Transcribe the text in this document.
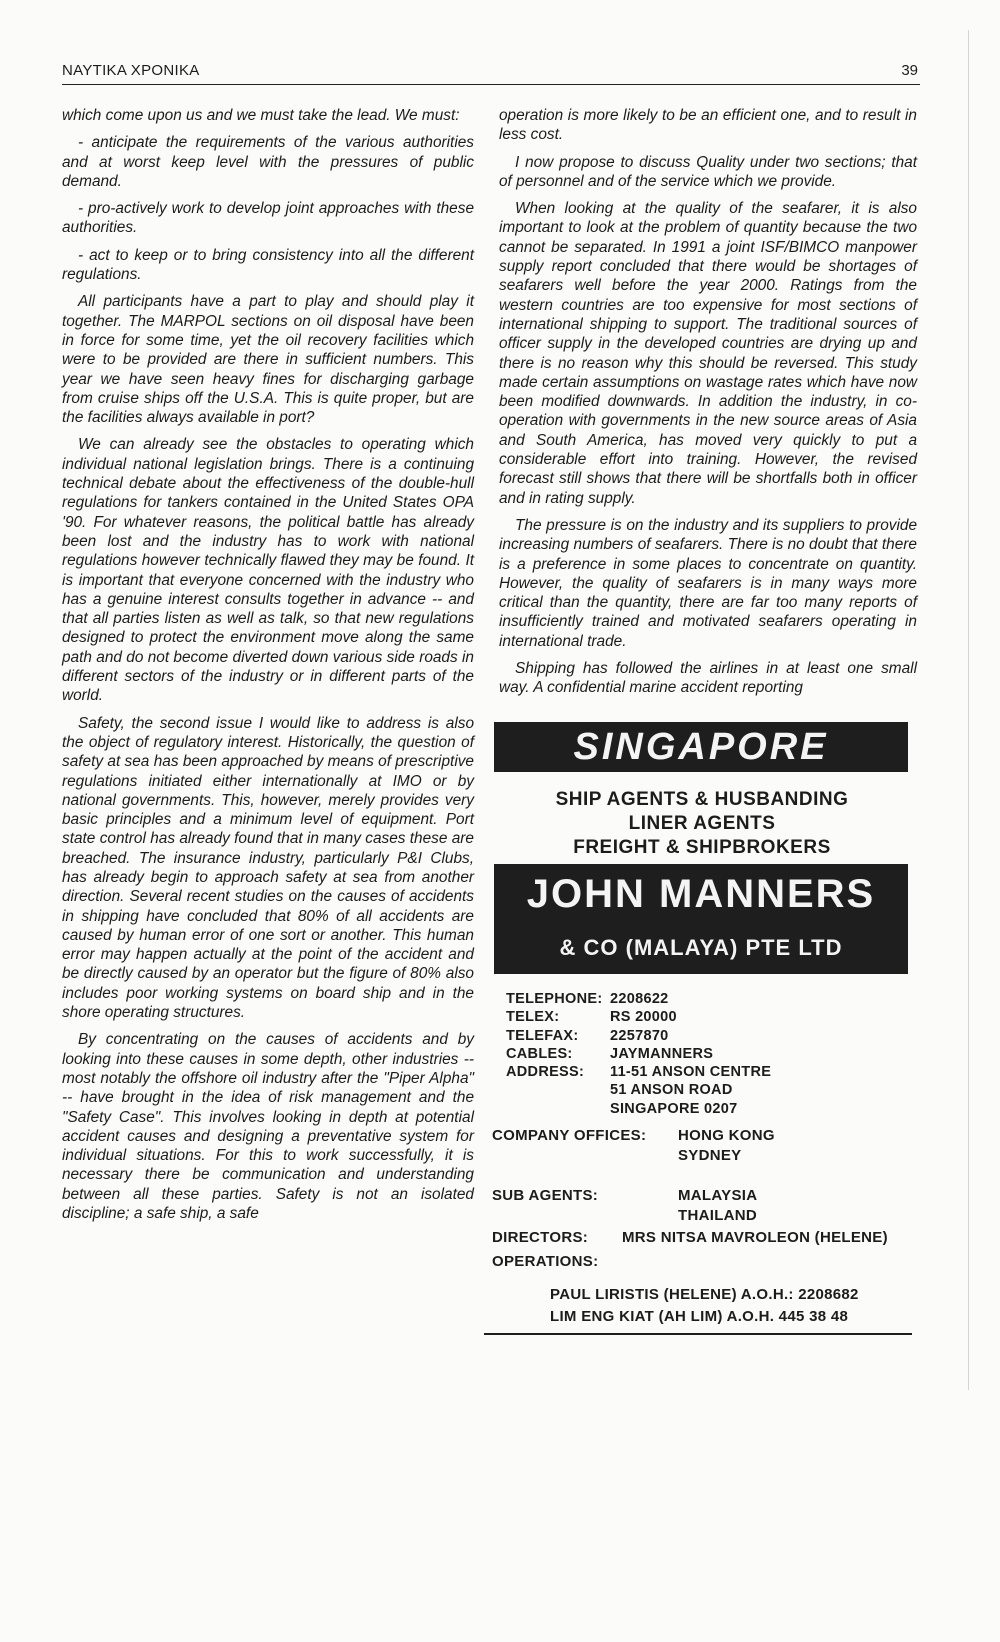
ΝΑΥΤΙΚΑ ΧΡΟΝΙΚΑ	39

which come upon us and we must take the lead. We must:

- anticipate the requirements of the various authorities and at worst keep level with the pressures of public demand.

- pro-actively work to develop joint approaches with these authorities.

- act to keep or to bring consistency into all the different regulations.

All participants have a part to play and should play it together. The MARPOL sections on oil disposal have been in force for some time, yet the oil recovery facilities which were to be provided are there in sufficient numbers. This year we have seen heavy fines for discharging garbage from cruise ships off the U.S.A. This is quite proper, but are the facilities always available in port?

We can already see the obstacles to operating which individual national legislation brings. There is a continuing technical debate about the effectiveness of the double-hull regulations for tankers contained in the United States OPA '90. For whatever reasons, the political battle has already been lost and the industry has to work with national regulations however technically flawed they may be found. It is important that everyone concerned with the industry who has a genuine interest consults together in advance -- and that all parties listen as well as talk, so that new regulations designed to protect the environment move along the same path and do not become diverted down various side roads in different sectors of the industry or in different parts of the world.

Safety, the second issue I would like to address is also the object of regulatory interest. Historically, the question of safety at sea has been approached by means of prescriptive regulations initiated either internationally at IMO or by national governments. This, however, merely provides very basic principles and a minimum level of equipment. Port state control has already found that in many cases these are breached. The insurance industry, particularly P&I Clubs, has already begin to approach safety at sea from another direction. Several recent studies on the causes of accidents in shipping have concluded that 80% of all accidents are caused by human error of one sort or another. This human error may happen actually at the point of the accident and be directly caused by an operator but the figure of 80% also includes poor working systems on board ship and in the shore operating structures.

By concentrating on the causes of accidents and by looking into these causes in some depth, other industries -- most notably the offshore oil industry after the "Piper Alpha" -- have brought in the idea of risk management and the "Safety Case". This involves looking in depth at potential accident causes and designing a preventative system for individual situations. For this to work successfully, it is necessary there be communication and understanding between all these parties. Safety is not an isolated discipline; a safe ship, a safe

operation is more likely to be an efficient one, and to result in less cost.

I now propose to discuss Quality under two sections; that of personnel and of the service which we provide.

When looking at the quality of the seafarer, it is also important to look at the problem of quantity because the two cannot be separated. In 1991 a joint ISF/BIMCO manpower supply report concluded that there would be shortages of seafarers well before the year 2000. Ratings from the western countries are too expensive for most sections of international shipping to support. The traditional sources of officer supply in the developed countries are drying up and there is no reason why this should be reversed. This study made certain assumptions on wastage rates which have now been modified downwards. In addition the industry, in co-operation with governments in the new source areas of Asia and South America, has moved very quickly to put a considerable effort into training. However, the revised forecast still shows that there will be shortfalls both in officer and in rating supply.

The pressure is on the industry and its suppliers to provide increasing numbers of seafarers. There is no doubt that there is a preference in some places to concentrate on quantity. However, the quality of seafarers is in many ways more critical than the quantity, there are far too many reports of insufficiently trained and motivated seafarers operating in international trade.

Shipping has followed the airlines in at least one small way. A confidential marine accident reporting

SINGAPORE
SHIP AGENTS & HUSBANDING
LINER AGENTS
FREIGHT & SHIPBROKERS
JOHN MANNERS
& CO (MALAYA) PTE LTD
TELEPHONE: 2208622
TELEX:	RS 20000
TELEFAX:	2257870
CABLES:	JAYMANNERS
ADDRESS:	11-51 ANSON CENTRE
51 ANSON ROAD
SINGAPORE 0207
COMPANY OFFICES:	HONG KONG
SYDNEY
SUB AGENTS:	MALAYSIA
THAILAND
DIRECTORS:	MRS NITSA MAVROLEON (HELENE)
OPERATIONS:
PAUL LIRISTIS (HELENE) A.O.H.: 2208682
LIM ENG KIAT (AH LIM) A.O.H. 445 38 48
